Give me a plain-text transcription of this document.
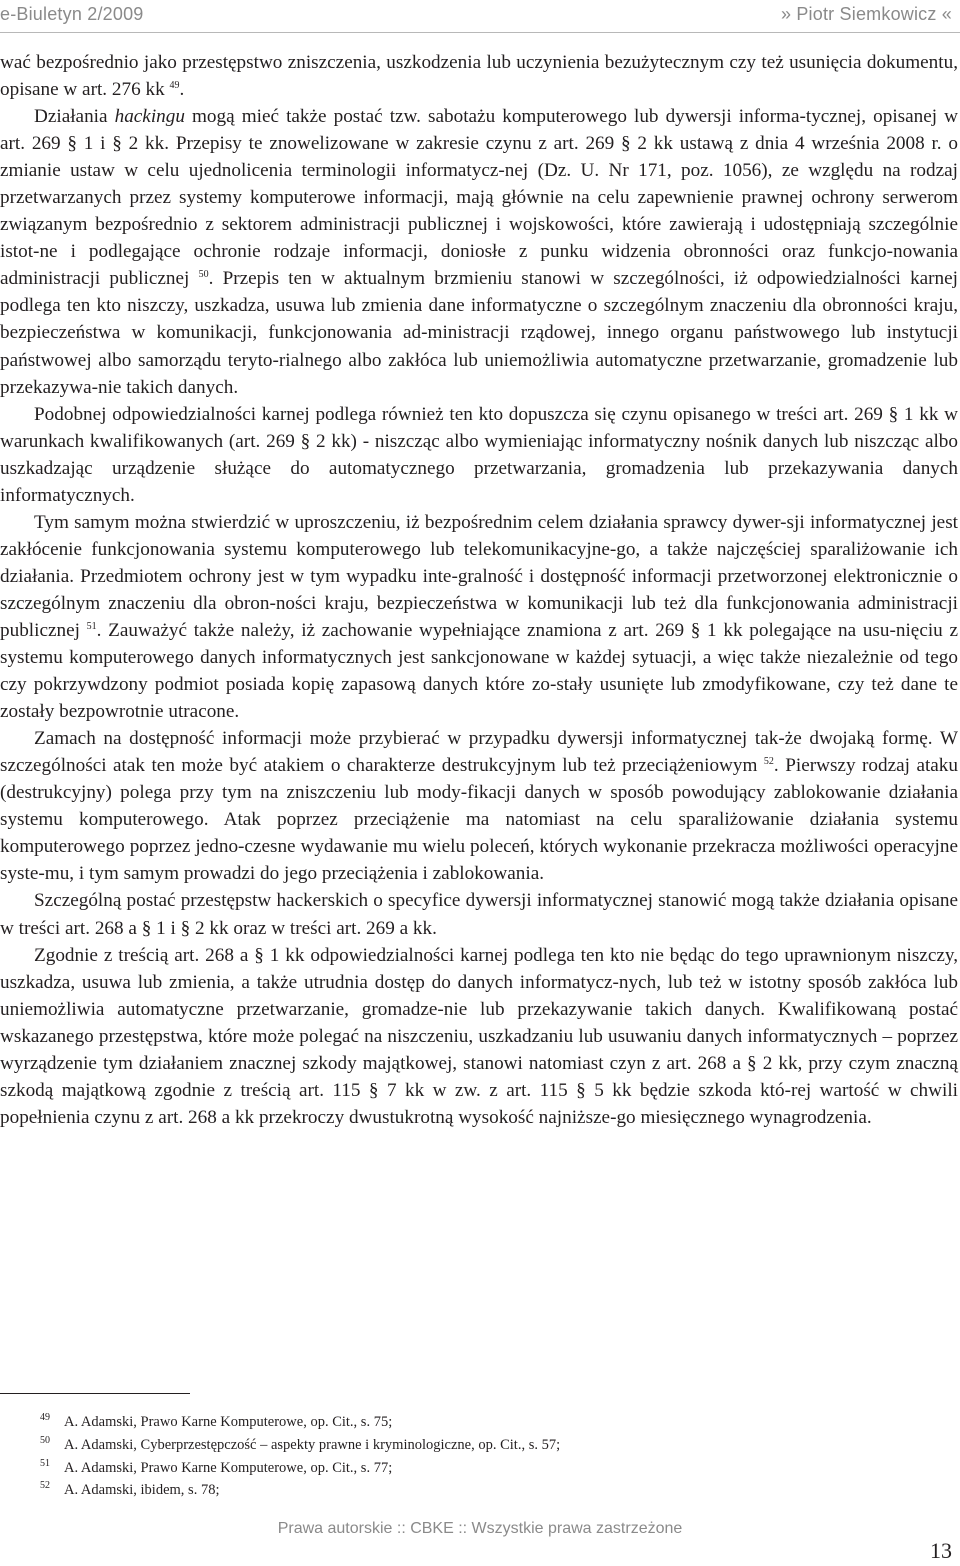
e-Biuletyn 2/2009	» Piotr Siemkowicz «

wać bezpośrednio jako przestępstwo zniszczenia, uszkodzenia lub uczynienia bezużytecznym czy też usunięcia dokumentu, opisane w art. 276 kk $^{49}$.

Działania hackingu mogą mieć także postać tzw. sabotażu komputerowego lub dywersji informa-tycznej, opisanej w art. 269 § 1 i § 2 kk. Przepisy te znowelizowane w zakresie czynu z art. 269 § 2 kk ustawą z dnia 4 września 2008 r. o zmianie ustaw w celu ujednolicenia terminologii informatycz-nej (Dz. U. Nr 171, poz. 1056), ze względu na rodzaj przetwarzanych przez systemy komputerowe informacji, mają głównie na celu zapewnienie prawnej ochrony serwerom związanym bezpośrednio z sektorem administracji publicznej i wojskowości, które zawierają i udostępniają szczególnie istot-ne i podlegające ochronie rodzaje informacji, doniosłe z punku widzenia obronności oraz funkcjo-nowania administracji publicznej $^{50}$. Przepis ten w aktualnym brzmieniu stanowi w szczególności, iż odpowiedzialności karnej podlega ten kto niszczy, uszkadza, usuwa lub zmienia dane informatyczne o szczególnym znaczeniu dla obronności kraju, bezpieczeństwa w komunikacji, funkcjonowania ad-ministracji rządowej, innego organu państwowego lub instytucji państwowej albo samorządu teryto-rialnego albo zakłóca lub uniemożliwia automatyczne przetwarzanie, gromadzenie lub przekazywa-nie takich danych.

Podobnej odpowiedzialności karnej podlega również ten kto dopuszcza się czynu opisanego w treści art. 269 § 1 kk w warunkach kwalifikowanych (art. 269 § 2 kk) - niszcząc albo wymieniając informatyczny nośnik danych lub niszcząc albo uszkadzając urządzenie służące do automatycznego przetwarzania, gromadzenia lub przekazywania danych informatycznych.

Tym samym można stwierdzić w uproszczeniu, iż bezpośrednim celem działania sprawcy dywer-sji informatycznej jest zakłócenie funkcjonowania systemu komputerowego lub telekomunikacyjne-go, a także najczęściej sparaliżowanie ich działania. Przedmiotem ochrony jest w tym wypadku inte-gralność i dostępność informacji przetworzonej elektronicznie o szczególnym znaczeniu dla obron-ności kraju, bezpieczeństwa w komunikacji lub też dla funkcjonowania administracji publicznej $^{51}$. Zauważyć także należy, iż zachowanie wypełniające znamiona z art. 269 § 1 kk polegające na usu-nięciu z systemu komputerowego danych informatycznych jest sankcjonowane w każdej sytuacji, a więc także niezależnie od tego czy pokrzywdzony podmiot posiada kopię zapasową danych które zo-stały usunięte lub zmodyfikowane, czy też dane te zostały bezpowrotnie utracone.

Zamach na dostępność informacji może przybierać w przypadku dywersji informatycznej tak-że dwojaką formę. W szczególności atak ten może być atakiem o charakterze destrukcyjnym lub też przeciążeniowym $^{52}$. Pierwszy rodzaj ataku (destrukcyjny) polega przy tym na zniszczeniu lub mody-fikacji danych w sposób powodujący zablokowanie działania systemu komputerowego. Atak poprzez przeciążenie ma natomiast na celu sparaliżowanie działania systemu komputerowego poprzez jedno-czesne wydawanie mu wielu poleceń, których wykonanie przekracza możliwości operacyjne syste-mu, i tym samym prowadzi do jego przeciążenia i zablokowania.

Szczególną postać przestępstw hackerskich o specyfice dywersji informatycznej stanowić mogą także działania opisane w treści art. 268 a § 1 i § 2 kk oraz w treści art. 269 a kk.

Zgodnie z treścią art. 268 a § 1 kk odpowiedzialności karnej podlega ten kto nie będąc do tego uprawnionym niszczy, uszkadza, usuwa lub zmienia, a także utrudnia dostęp do danych informatycz-nych, lub też w istotny sposób zakłóca lub uniemożliwia automatyczne przetwarzanie, gromadze-nie lub przekazywanie takich danych. Kwalifikowaną postać wskazanego przestępstwa, które może polegać na niszczeniu, uszkadzaniu lub usuwaniu danych informatycznych – poprzez wyrządzenie tym działaniem znacznej szkody majątkowej, stanowi natomiast czyn z art. 268 a § 2 kk, przy czym znaczną szkodą majątkową zgodnie z treścią art. 115 § 7 kk w zw. z art. 115 § 5 kk będzie szkoda któ-rej wartość w chwili popełnienia czynu z art. 268 a kk przekroczy dwustukrotną wysokość najniższe-go miesięcznego wynagrodzenia.

49 A. Adamski, Prawo Karne Komputerowe, op. Cit., s. 75;
50 A. Adamski, Cyberprzestępczość – aspekty prawne i kryminologiczne, op. Cit., s. 57;
51 A. Adamski, Prawo Karne Komputerowe, op. Cit., s. 77;
52 A. Adamski, ibidem, s. 78;
Prawa autorskie :: CBKE :: Wszystkie prawa zastrzeżone
13
